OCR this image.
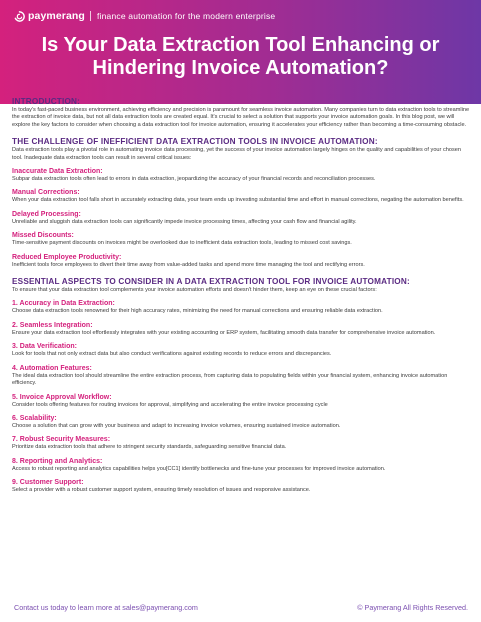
paymerang finance automation for the modern enterprise
Is Your Data Extraction Tool Enhancing or Hindering Invoice Automation?
INTRODUCTION:

In today's fast-paced business environment, achieving efficiency and precision is paramount for seamless invoice automation. Many companies turn to data extraction tools to streamline the extraction of invoice data, but not all data extraction tools are created equal. It's crucial to select a solution that supports your invoice automation goals. In this blog post, we will explore the key factors to consider when choosing a data extraction tool for invoice automation, ensuring it accelerates your efficiency rather than becoming a time-consuming obstacle.

THE CHALLENGE OF INEFFICIENT DATA EXTRACTION TOOLS IN INVOICE AUTOMATION:

Data extraction tools play a pivotal role in automating invoice data processing, yet the success of your invoice automation largely hinges on the quality and capabilities of your chosen tool. Inadequate data extraction tools can result in several critical issues:

Inaccurate Data Extraction:

Subpar data extraction tools often lead to errors in data extraction, jeopardizing the accuracy of your financial records and reconciliation processes.

Manual Corrections:

When your data extraction tool falls short in accurately extracting data, your team ends up investing substantial time and effort in manual corrections, negating the automation benefits.

Delayed Processing:

Unreliable and sluggish data extraction tools can significantly impede invoice processing times, affecting your cash flow and financial agility.

Missed Discounts:

Time-sensitive payment discounts on invoices might be overlooked due to inefficient data extraction tools, leading to missed cost savings.

Reduced Employee Productivity:

Inefficient tools force employees to divert their time away from value-added tasks and spend more time managing the tool and rectifying errors.

ESSENTIAL ASPECTS TO CONSIDER IN A DATA EXTRACTION TOOL FOR INVOICE AUTOMATION:

To ensure that your data extraction tool complements your invoice automation efforts and doesn't hinder them, keep an eye on these crucial factors:

1. Accuracy in Data Extraction:

Choose data extraction tools renowned for their high accuracy rates, minimizing the need for manual corrections and ensuring reliable data extraction.

2. Seamless Integration:

Ensure your data extraction tool effortlessly integrates with your existing accounting or ERP system, facilitating smooth data transfer for comprehensive invoice automation.

3. Data Verification:

Look for tools that not only extract data but also conduct verifications against existing records to reduce errors and discrepancies.

4. Automation Features:

The ideal data extraction tool should streamline the entire extraction process, from capturing data to populating fields within your financial system, enhancing invoice automation efficiency.

5. Invoice Approval Workflow:

Consider tools offering features for routing invoices for approval, simplifying and accelerating the entire invoice processing cycle

6. Scalability:

Choose a solution that can grow with your business and adapt to increasing invoice volumes, ensuring sustained invoice automation.

7. Robust Security Measures:

Prioritize data extraction tools that adhere to stringent security standards, safeguarding sensitive financial data.

8. Reporting and Analytics:

Access to robust reporting and analytics capabilities helps you[CC1] identify bottlenecks and fine-tune your processes for improved invoice automation.

9. Customer Support:

Select a provider with a robust customer support system, ensuring timely resolution of issues and responsive assistance.

Contact us today to learn more at sales@paymerang.com	© Paymerang All Rights Reserved.
